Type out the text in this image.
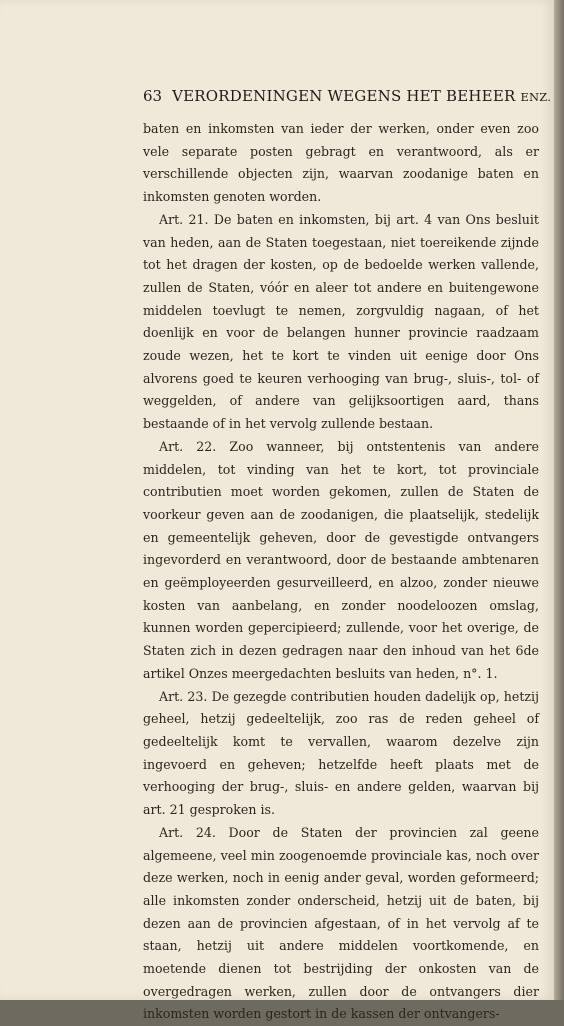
63 VERORDENINGEN WEGENS HET BEHEER ENZ.

baten en inkomsten van ieder der werken, onder even zoo vele separate posten gebragt en verantwoord, als er verschillende objecten zijn, waarvan zoodanige baten en inkomsten genoten worden.

Art. 21. De baten en inkomsten, bij art. 4 van Ons besluit van heden, aan de Staten toegestaan, niet toereikende zijnde tot het dragen der kosten, op de bedoelde werken vallende, zullen de Staten, vóór en aleer tot andere en buitengewone middelen toevlugt te nemen, zorgvuldig nagaan, of het doenlijk en voor de belangen hunner provincie raadzaam zoude wezen, het te kort te vinden uit eenige door Ons alvorens goed te keuren verhooging van brug-, sluis-, tol- of weggelden, of andere van gelijksoortigen aard, thans bestaande of in het vervolg zullende bestaan.

Art. 22. Zoo wanneer, bij ontstentenis van andere middelen, tot vinding van het te kort, tot provinciale contributien moet worden gekomen, zullen de Staten de voorkeur geven aan de zoodanigen, die plaatselijk, stedelijk en gemeentelijk geheven, door de gevestigde ontvangers ingevorderd en verantwoord, door de bestaande ambtenaren en geëmployeerden gesurveilleerd, en alzoo, zonder nieuwe kosten van aanbelang, en zonder noodeloozen omslag, kunnen worden gepercipieerd; zullende, voor het overige, de Staten zich in dezen gedragen naar den inhoud van het 6de artikel Onzes meergedachten besluits van heden, n°. 1.

Art. 23. De gezegde contributien houden dadelijk op, hetzij geheel, hetzij gedeeltelijk, zoo ras de reden geheel of gedeeltelijk komt te vervallen, waarom dezelve zijn ingevoerd en geheven; hetzelfde heeft plaats met de verhooging der brug-, sluis- en andere gelden, waarvan bij art. 21 gesproken is.

Art. 24. Door de Staten der provincien zal geene algemeene, veel min zoogenoemde provinciale kas, noch over deze werken, noch in eenig ander geval, worden geformeerd; alle inkomsten zonder onderscheid, hetzij uit de baten, bij dezen aan de provincien afgestaan, of in het vervolg af te staan, hetzij uit andere middelen voortkomende, en moetende dienen tot bestrijding der onkosten van de overgedragen werken, zullen door de ontvangers dier inkomsten worden gestort in de kassen der ontvangers-
